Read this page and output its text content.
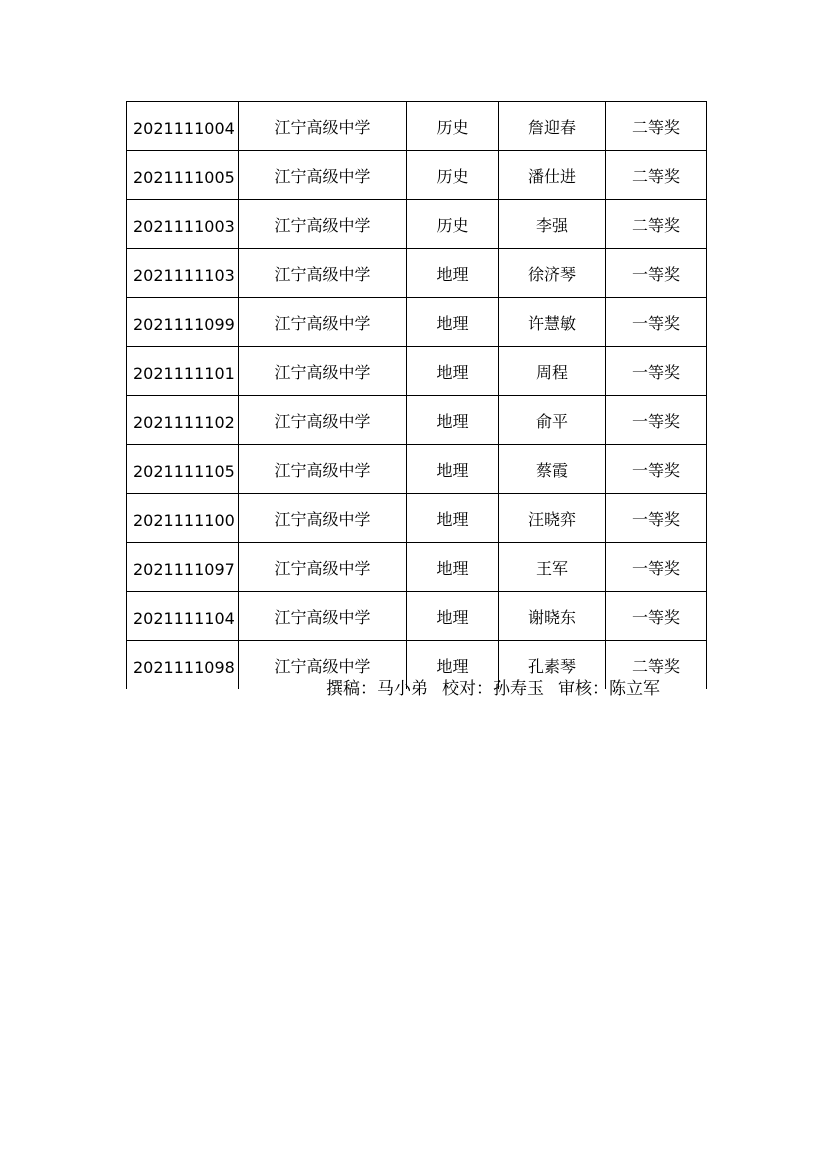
2021111004	江宁高级中学	历史	詹迎春	二等奖
2021111005	江宁高级中学	历史	潘仕进	二等奖
2021111003	江宁高级中学	历史	李强	二等奖
2021111103	江宁高级中学	地理	徐济琴	一等奖
2021111099	江宁高级中学	地理	许慧敏	一等奖
2021111101	江宁高级中学	地理	周程	一等奖
2021111102	江宁高级中学	地理	俞平	一等奖
2021111105	江宁高级中学	地理	蔡霞	一等奖
2021111100	江宁高级中学	地理	汪晓弈	一等奖
2021111097	江宁高级中学	地理	王军	一等奖
2021111104	江宁高级中学	地理	谢晓东	一等奖
2021111098	江宁高级中学	地理	孔素琴	二等奖
撰稿：马小弟 校对：孙寿玉 审核：陈立军
